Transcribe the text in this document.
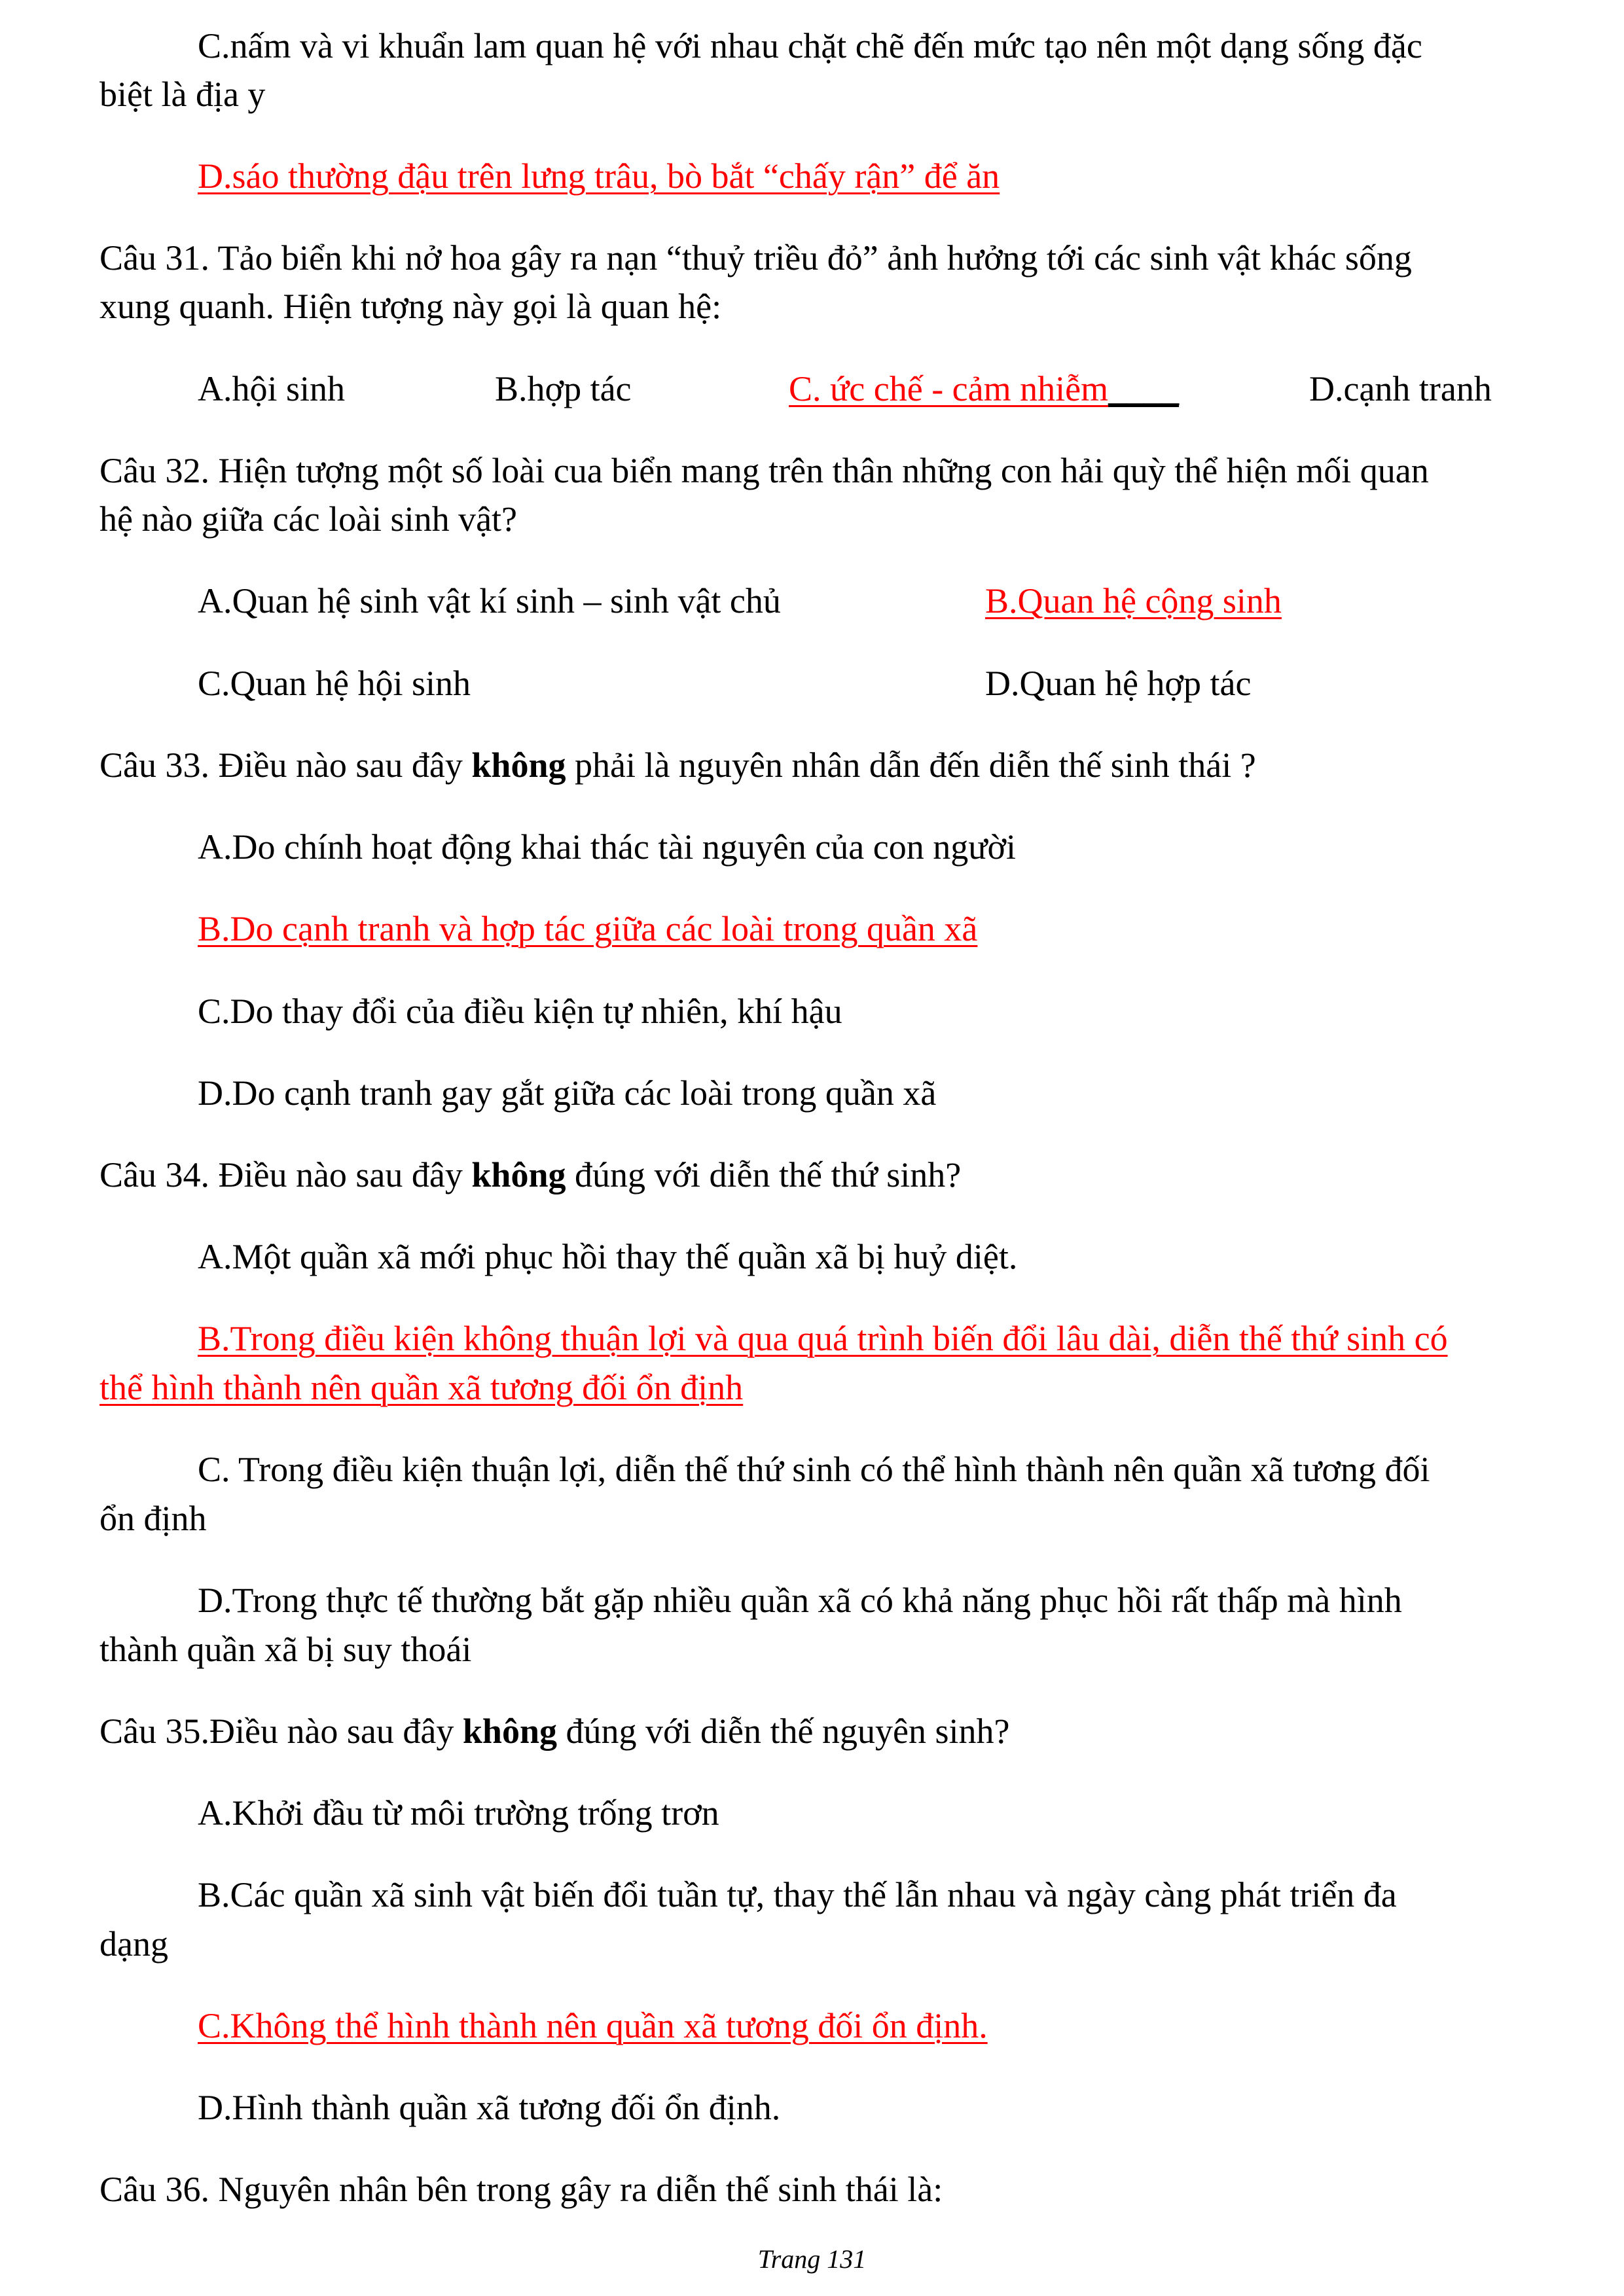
C.nấm và vi khuẩn lam quan hệ với nhau chặt chẽ đến mức tạo nên một dạng sống đặc
biệt là địa y
D.sáo thường đậu trên lưng trâu, bò bắt “chấy rận” để ăn
Câu 31. Tảo biển khi nở hoa gây ra nạn “thuỷ triều đỏ” ảnh hưởng tới các sinh vật khác sống
xung quanh. Hiện tượng này gọi là quan hệ:
A.hội sinh	B.hợp tác	C. ức chế - cảm nhiễm____	D.cạnh tranh
Câu 32. Hiện tượng một số loài cua biển mang trên thân những con hải quỳ thể hiện mối quan
hệ nào giữa các loài sinh vật?
A.Quan hệ sinh vật kí sinh – sinh vật chủ	B.Quan hệ cộng sinh
C.Quan hệ hội sinh	D.Quan hệ hợp tác
Câu 33. Điều nào sau đây không phải là nguyên nhân dẫn đến diễn thế sinh thái ?
A.Do chính hoạt động khai thác tài nguyên của con người
B.Do cạnh tranh và hợp tác giữa các loài trong quần xã
C.Do thay đổi của điều kiện tự nhiên, khí hậu
D.Do cạnh tranh gay gắt giữa các loài trong quần xã
Câu 34. Điều nào sau đây không đúng với diễn thế thứ sinh?
A.Một quần xã mới phục hồi thay thế quần xã bị huỷ diệt.
B.Trong điều kiện không thuận lợi và qua quá trình biến đổi lâu dài, diễn thế thứ sinh có
thể hình thành nên quần xã tương đối ổn định
C. Trong điều kiện thuận lợi, diễn thế thứ sinh có thể hình thành nên quần xã tương đối
ổn định
D.Trong thực tế thường bắt gặp nhiều quần xã có khả năng phục hồi rất thấp mà hình
thành quần xã bị suy thoái
Câu 35.Điều nào sau đây không đúng với diễn thế nguyên sinh?
A.Khởi đầu từ môi trường trống trơn
B.Các quần xã sinh vật biến đổi tuần tự, thay thế lẫn nhau và ngày càng phát triển đa
dạng
C.Không thể hình thành nên quần xã tương đối ổn định.
D.Hình thành quần xã tương đối ổn định.
Câu 36. Nguyên nhân bên trong gây ra diễn thế sinh thái là:
Trang 131
